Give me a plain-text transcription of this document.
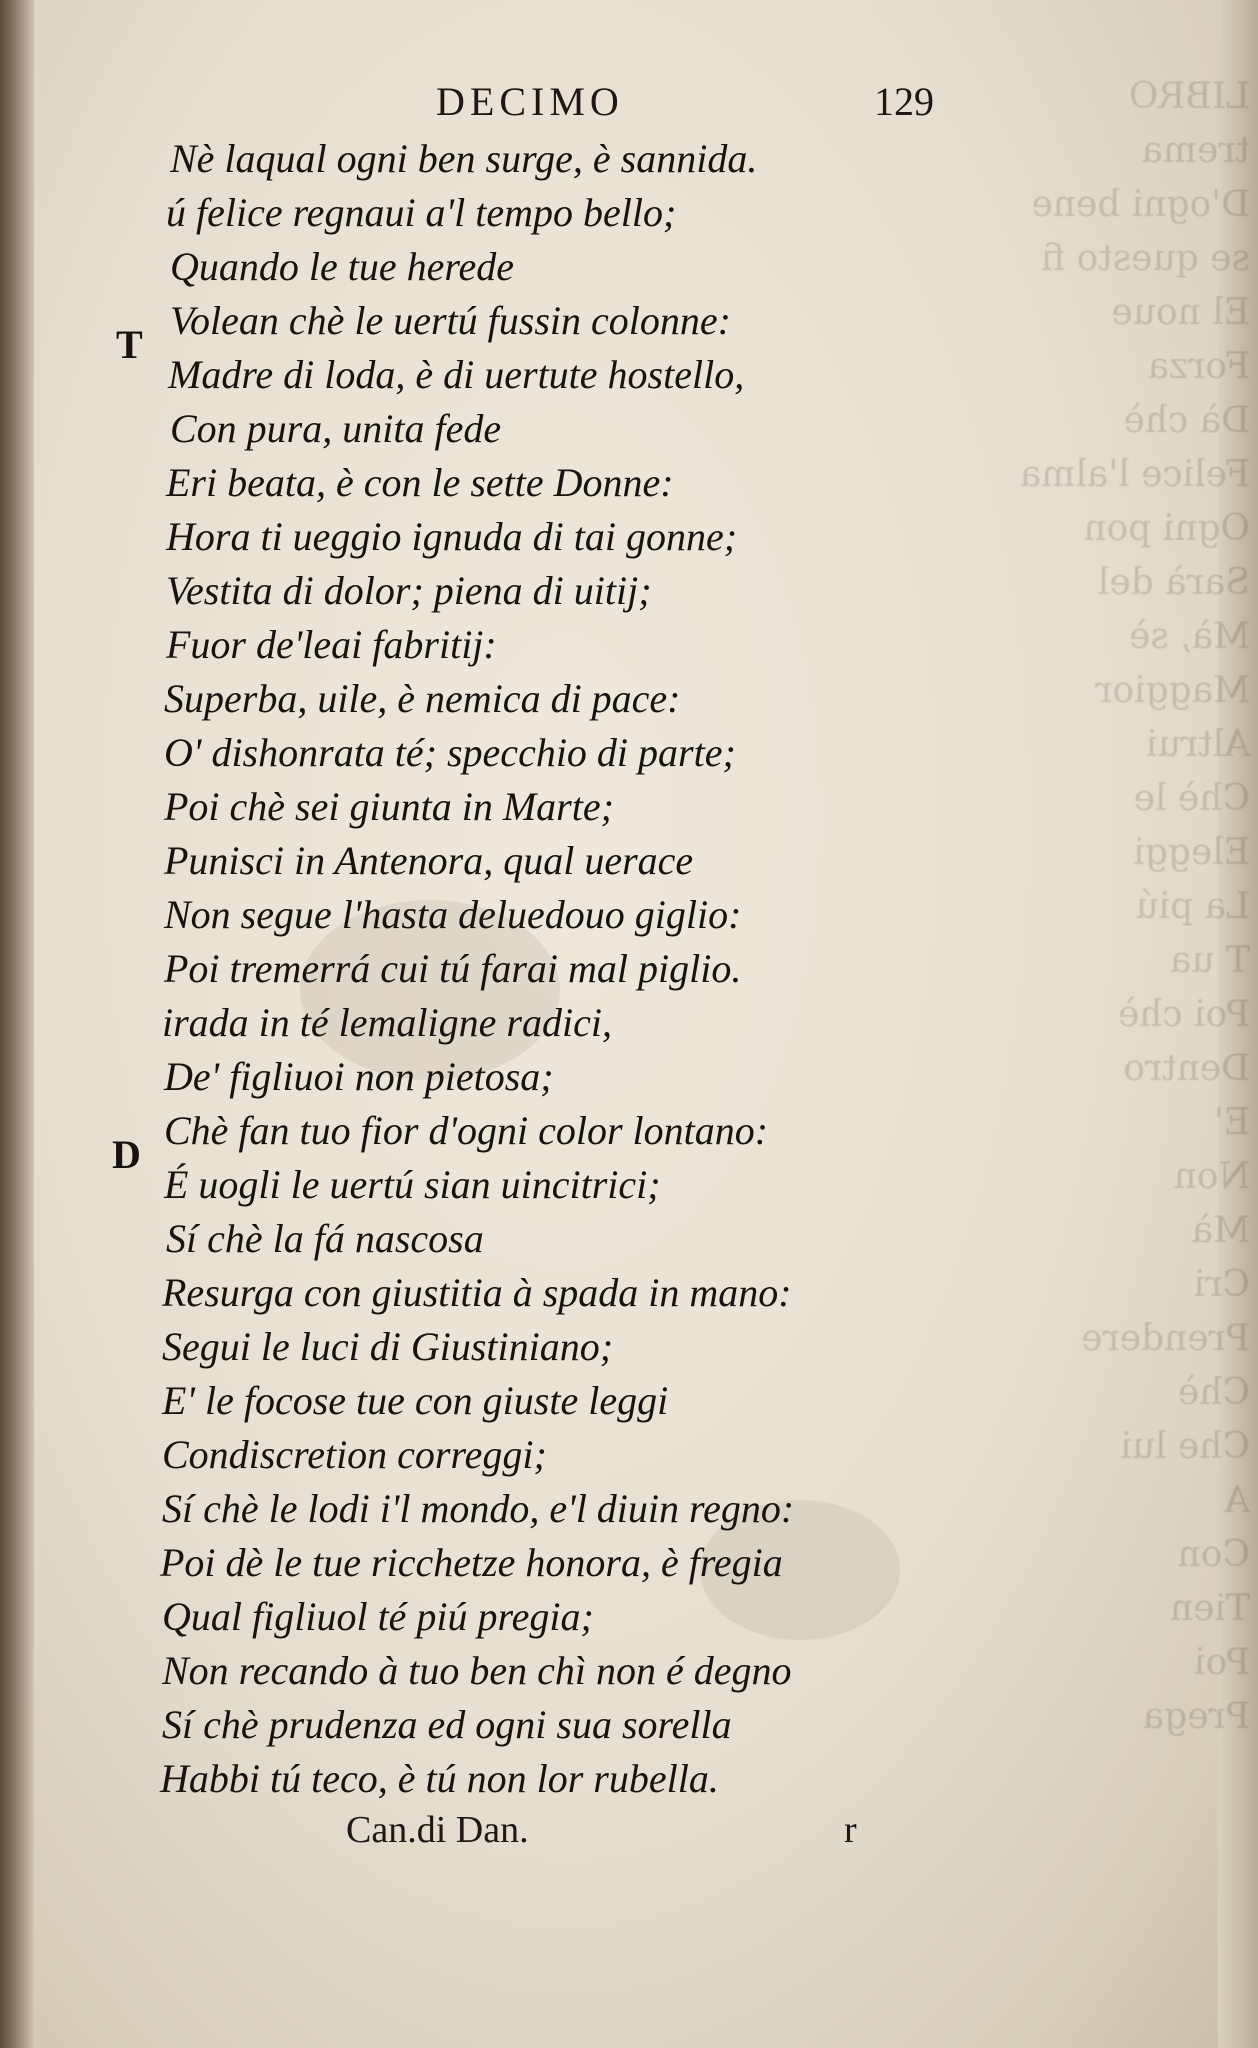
LIBRO
trema
D'ogni bene
se questo fi
El noue
Forza
Dà chè
Felice l'alma
Ogni pon
Sarà del
Mà, sè
Maggior
Altrui
Chè le
Eleggi
La piú
T ua
Poi chè
Dentro
E'
Non
Mà
Cri
Prendere
Chè
Che lui
A
Con
Tien
Poi
Prega
DECIMO	129
Nè laqual ogni ben surge, è sannida.
ú felice regnaui a'l tempo bello;
T
Quando le tue herede
Volean chè le uertú fussin colonne:
Madre di loda, è di uertute hostello,
Con pura, unita fede
Eri beata, è con le sette Donne:
Hora ti ueggio ignuda di tai gonne;
Vestita di dolor; piena di uitij;
Fuor de'leai fabritij:
Superba, uile, è nemica di pace:
O' dishonrata té; specchio di parte;
Poi chè sei giunta in Marte;
Punisci in Antenora, qual uerace
Non segue l'hasta deluedouo giglio:
Poi tremerrá cui tú farai mal piglio.
irada in té lemaligne radici,
D
De' figliuoi non pietosa;
Chè fan tuo fior d'ogni color lontano:
É uogli le uertú sian uincitrici;
Sí chè la fá nascosa
Resurga con giustitia à spada in mano:
Segui le luci di Giustiniano;
E' le focose tue con giuste leggi
Condiscretion correggi;
Sí chè le lodi i'l mondo, e'l diuin regno:
Poi dè le tue ricchetze honora, è fregia
Qual figliuol té piú pregia;
Non recando à tuo ben chì non é degno
Sí chè prudenza ed ogni sua sorella
Habbi tú teco, è tú non lor rubella.
Can.di Dan.	r
